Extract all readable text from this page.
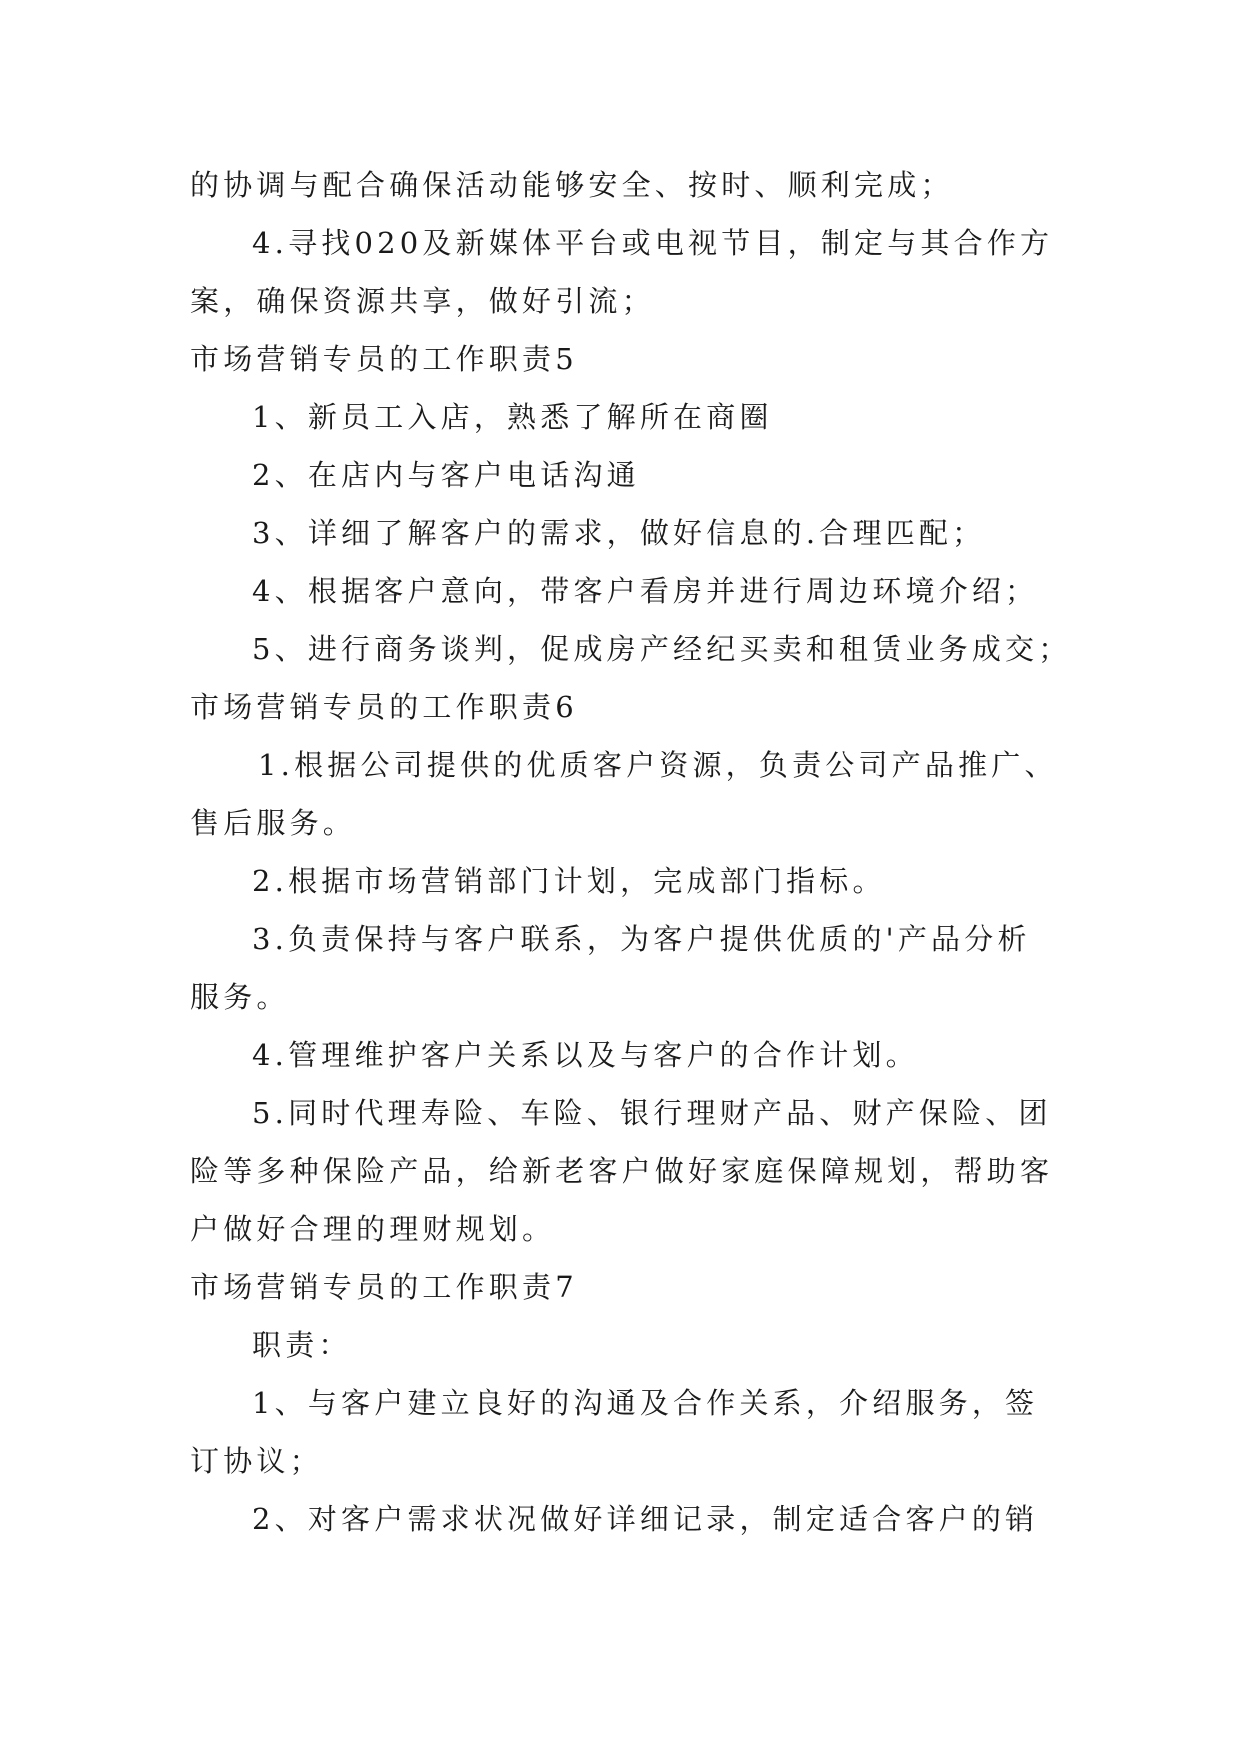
的协调与配合确保活动能够安全、按时、顺利完成；
4.寻找020及新媒体平台或电视节目，制定与其合作方
案，确保资源共享，做好引流；
市场营销专员的工作职责5
1、新员工入店，熟悉了解所在商圈
2、在店内与客户电话沟通
3、详细了解客户的需求，做好信息的.合理匹配；
4、根据客户意向，带客户看房并进行周边环境介绍；
5、进行商务谈判，促成房产经纪买卖和租赁业务成交；
市场营销专员的工作职责6
1.根据公司提供的优质客户资源，负责公司产品推广、
售后服务。
2.根据市场营销部门计划，完成部门指标。
3.负责保持与客户联系，为客户提供优质的'产品分析
服务。
4.管理维护客户关系以及与客户的合作计划。
5.同时代理寿险、车险、银行理财产品、财产保险、团
险等多种保险产品，给新老客户做好家庭保障规划，帮助客
户做好合理的理财规划。
市场营销专员的工作职责7
职责：
1、与客户建立良好的沟通及合作关系，介绍服务，签
订协议；
2、对客户需求状况做好详细记录，制定适合客户的销
